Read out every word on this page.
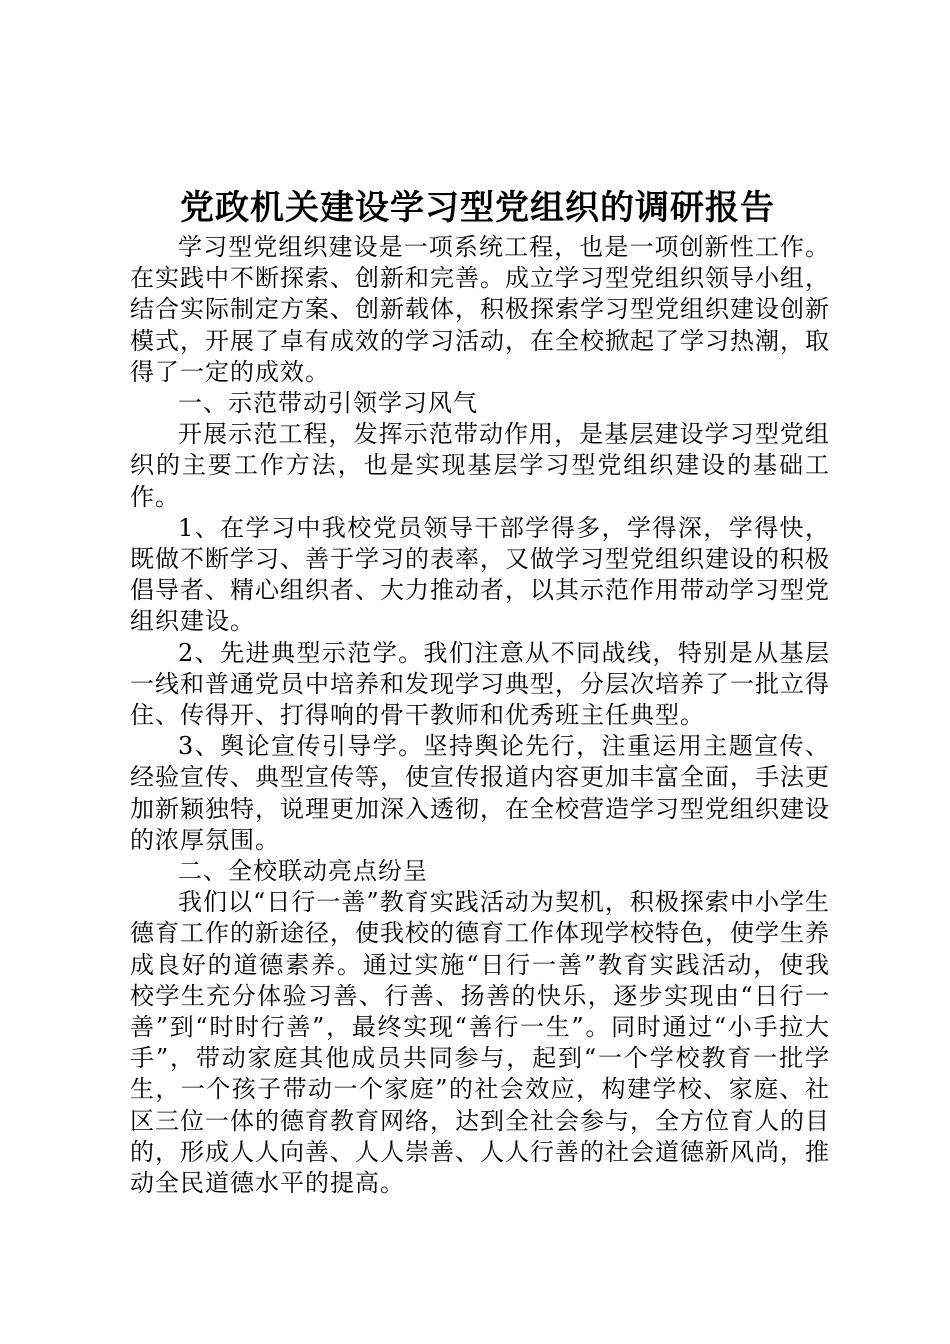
党政机关建设学习型党组织的调研报告

学习型党组织建设是一项系统工程，也是一项创新性工作。在实践中不断探索、创新和完善。成立学习型党组织领导小组，结合实际制定方案、创新载体，积极探索学习型党组织建设创新模式，开展了卓有成效的学习活动，在全校掀起了学习热潮，取得了一定的成效。

一、示范带动引领学习风气

开展示范工程，发挥示范带动作用，是基层建设学习型党组织的主要工作方法，也是实现基层学习型党组织建设的基础工作。

1、在学习中我校党员领导干部学得多，学得深，学得快，既做不断学习、善于学习的表率，又做学习型党组织建设的积极倡导者、精心组织者、大力推动者，以其示范作用带动学习型党组织建设。

2、先进典型示范学。我们注意从不同战线，特别是从基层一线和普通党员中培养和发现学习典型，分层次培养了一批立得住、传得开、打得响的骨干教师和优秀班主任典型。

3、舆论宣传引导学。坚持舆论先行，注重运用主题宣传、经验宣传、典型宣传等，使宣传报道内容更加丰富全面，手法更加新颖独特，说理更加深入透彻，在全校营造学习型党组织建设的浓厚氛围。

二、全校联动亮点纷呈

我们以“日行一善”教育实践活动为契机，积极探索中小学生德育工作的新途径，使我校的德育工作体现学校特色，使学生养成良好的道德素养。通过实施“日行一善”教育实践活动，使我校学生充分体验习善、行善、扬善的快乐，逐步实现由“日行一善”到“时时行善”，最终实现“善行一生”。同时通过“小手拉大手”，带动家庭其他成员共同参与，起到“一个学校教育一批学生，一个孩子带动一个家庭”的社会效应，构建学校、家庭、社区三位一体的德育教育网络，达到全社会参与，全方位育人的目的，形成人人向善、人人崇善、人人行善的社会道德新风尚，推动全民道德水平的提高。
